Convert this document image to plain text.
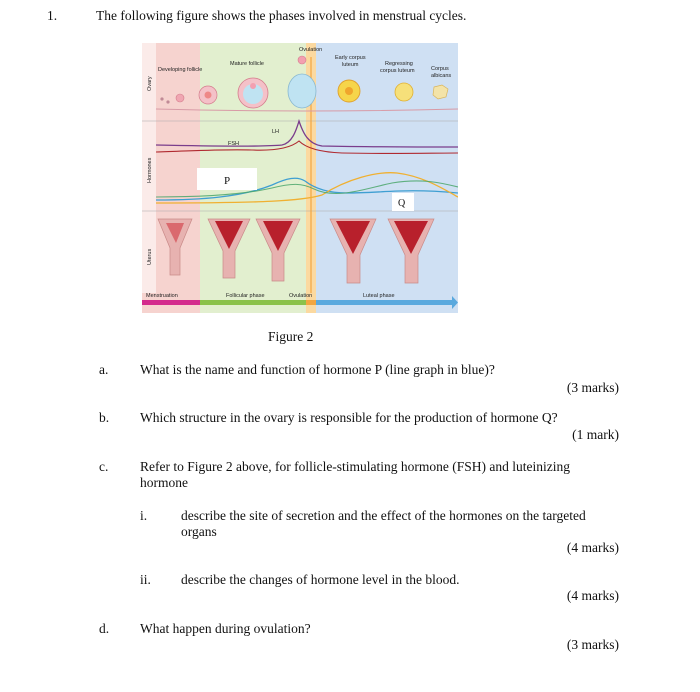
1.	The following figure shows the phases involved in menstrual cycles.
Ovulation
Developing follicle
Mature follicle
Early corpus
luteum	Regressing
corpus luteum	Corpus
albicans
Ovary
Hormones
Uterus
LH
FSH
P
Q
Menstruation	Follicular phase	Ovulation	Luteal phase
Figure 2
a. What is the name and function of hormone P (line graph in blue)?
(3 marks)
b. Which structure in the ovary is responsible for the production of hormone Q?
(1 mark)
c. Refer to Figure 2 above, for follicle-stimulating hormone (FSH) and luteinizing hormone
i.	describe the site of secretion and the effect of the hormones on the targeted organs
(4 marks)
ii. describe the changes of hormone level in the blood.
(4 marks)
d. What happen during ovulation?
(3 marks)
